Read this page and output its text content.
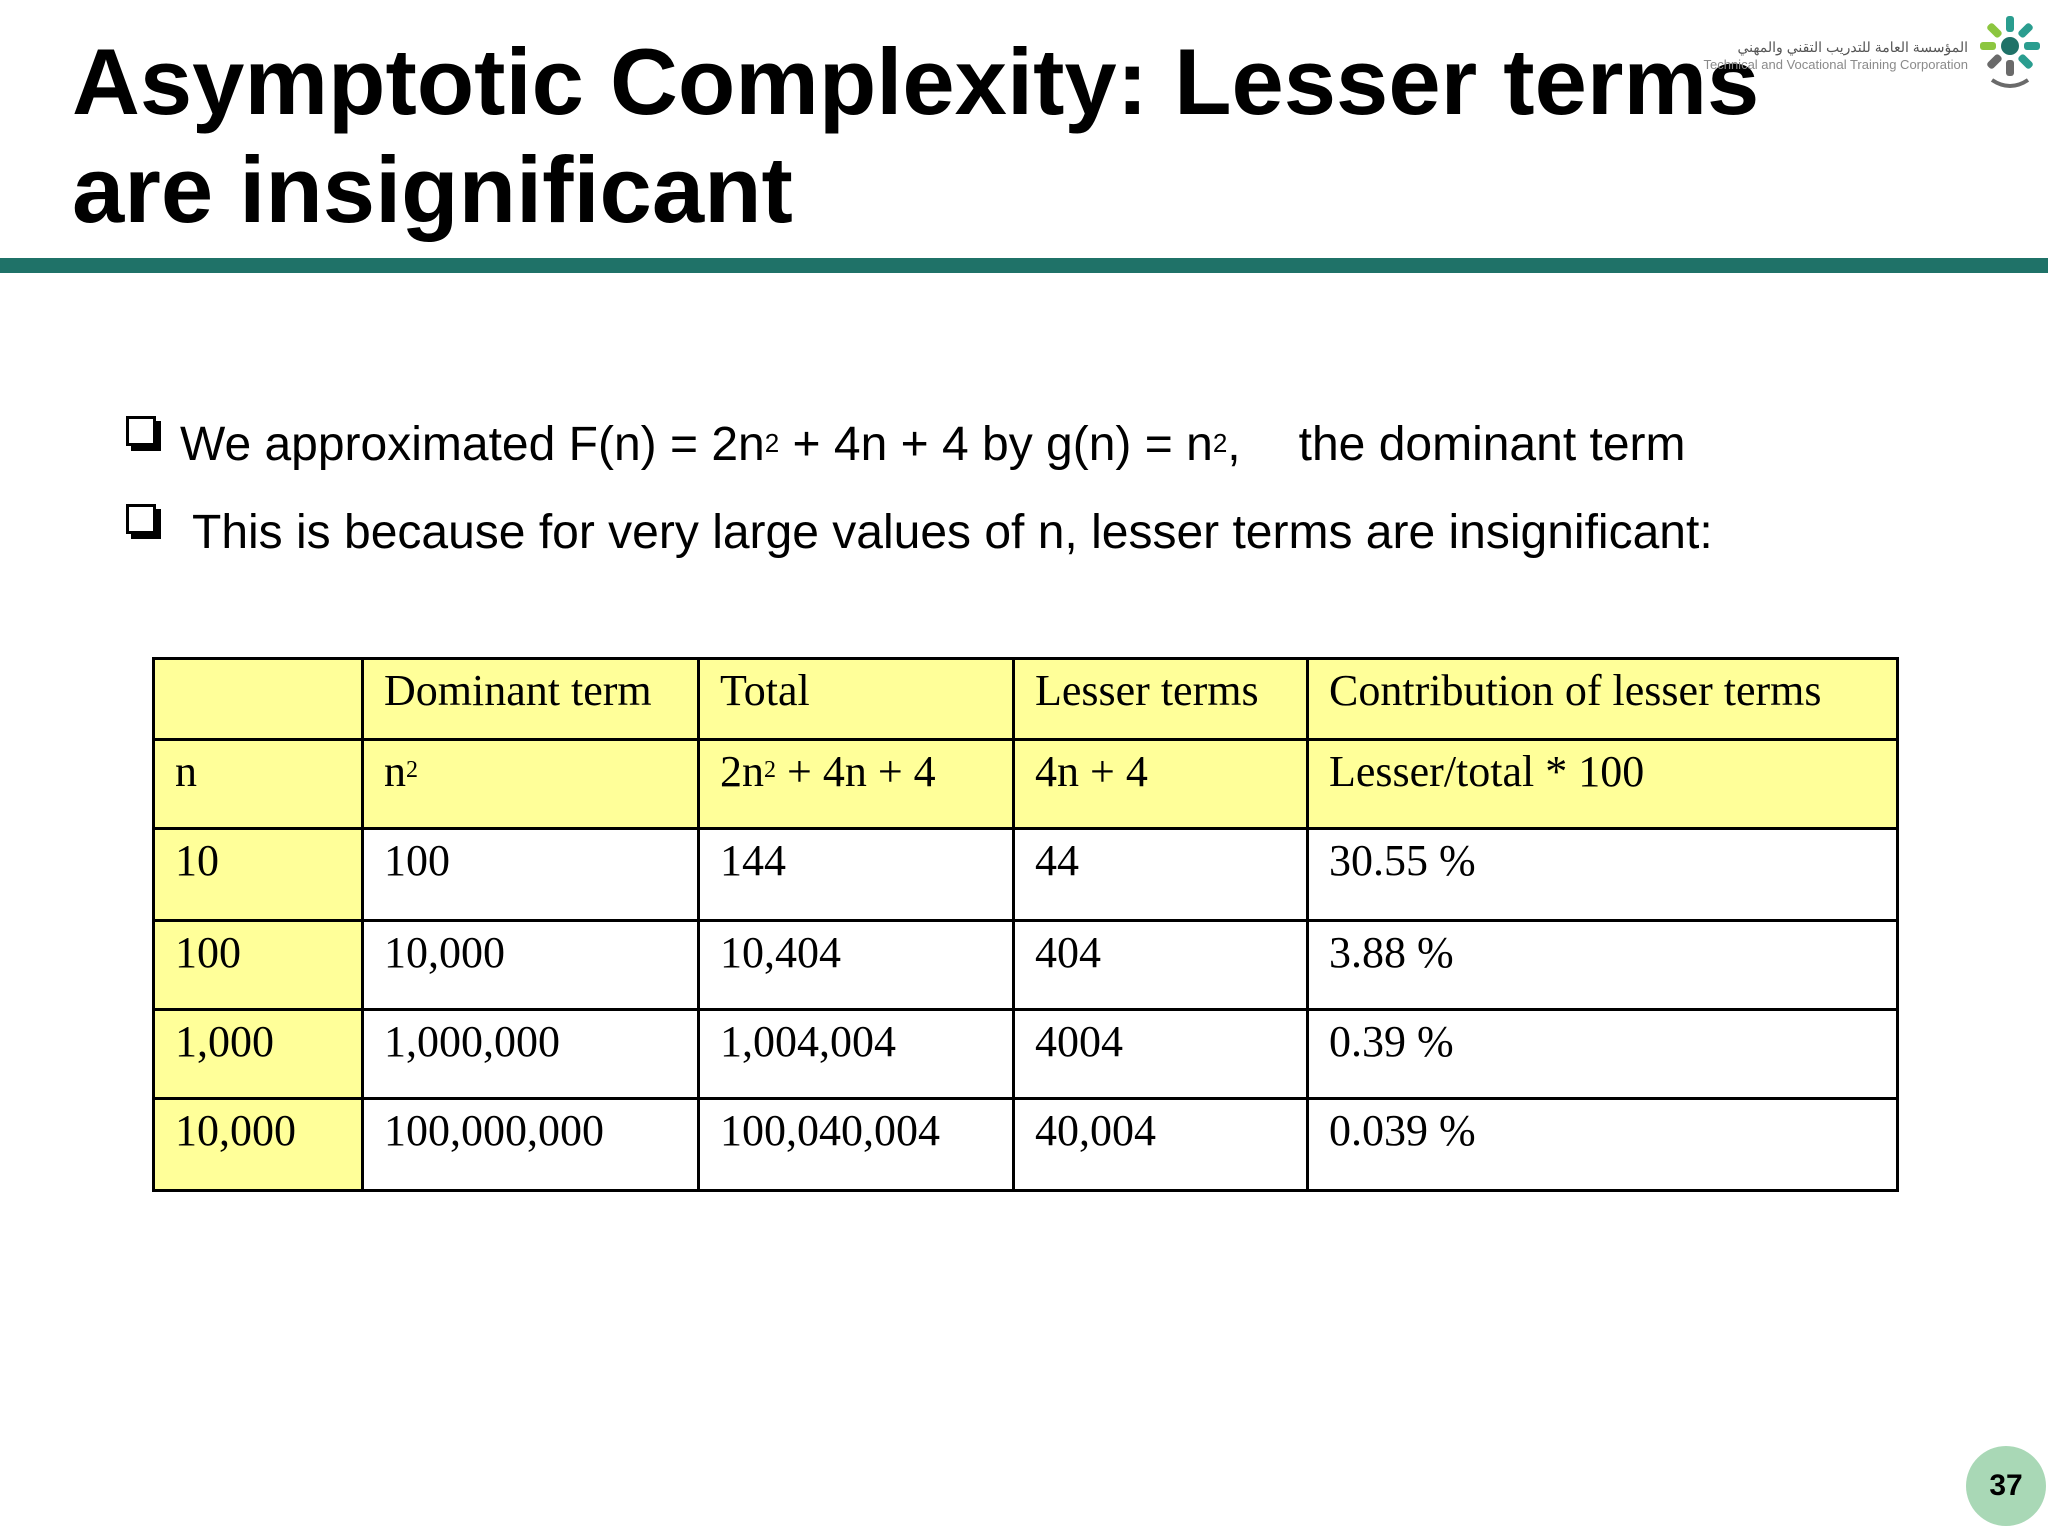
Asymptotic Complexity: Lesser terms are insignificant
المؤسسة العامة للتدريب التقني والمهني
Technical and Vocational Training Corporation
We approximated $F(n) = 2n^2 + 4n + 4$ by $g(n) = n^2$, the dominant term
This is because for very large values of n, lesser terms are insignificant:
	Dominant term	Total	Lesser terms	Contribution of lesser terms
n	$n^2$	$2n^2 + 4n + 4$	4n + 4	Lesser/total * 100
10	100	144	44	30.55 %
100	10,000	10,404	404	3.88 %
1,000	1,000,000	1,004,004	4004	0.39 %
10,000	100,000,000	100,040,004	40,004	0.039 %
37
